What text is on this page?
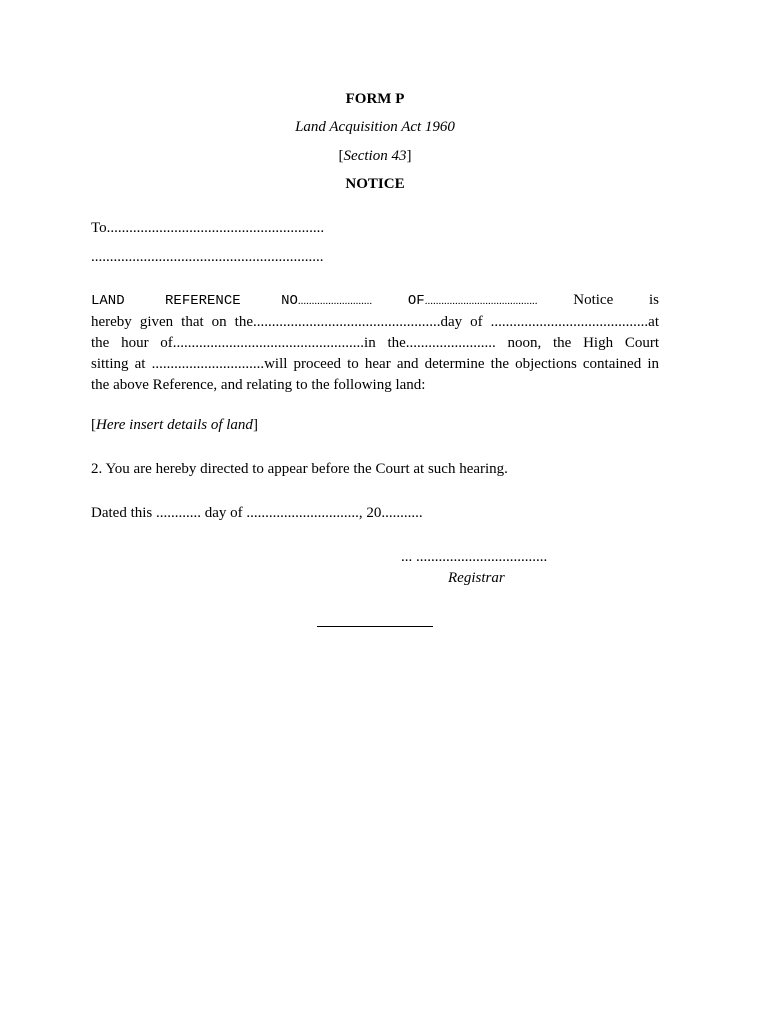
FORM P
Land Acquisition Act 1960
[Section 43]
NOTICE
To..........................................................
..............................................................
LAND REFERENCE NO...........................	OF......................................... Notice is
hereby given that on the..................................................day of ..........................................at
the hour of...................................................in the........................ noon, the High Court
sitting at ..............................will proceed to hear and determine the objections contained in
the above Reference, and relating to the following land:
[Here insert details of land]
2. You are hereby directed to appear before the Court at such hearing.
Dated this ............ day of .............................., 20...........
... ...................................
Registrar
